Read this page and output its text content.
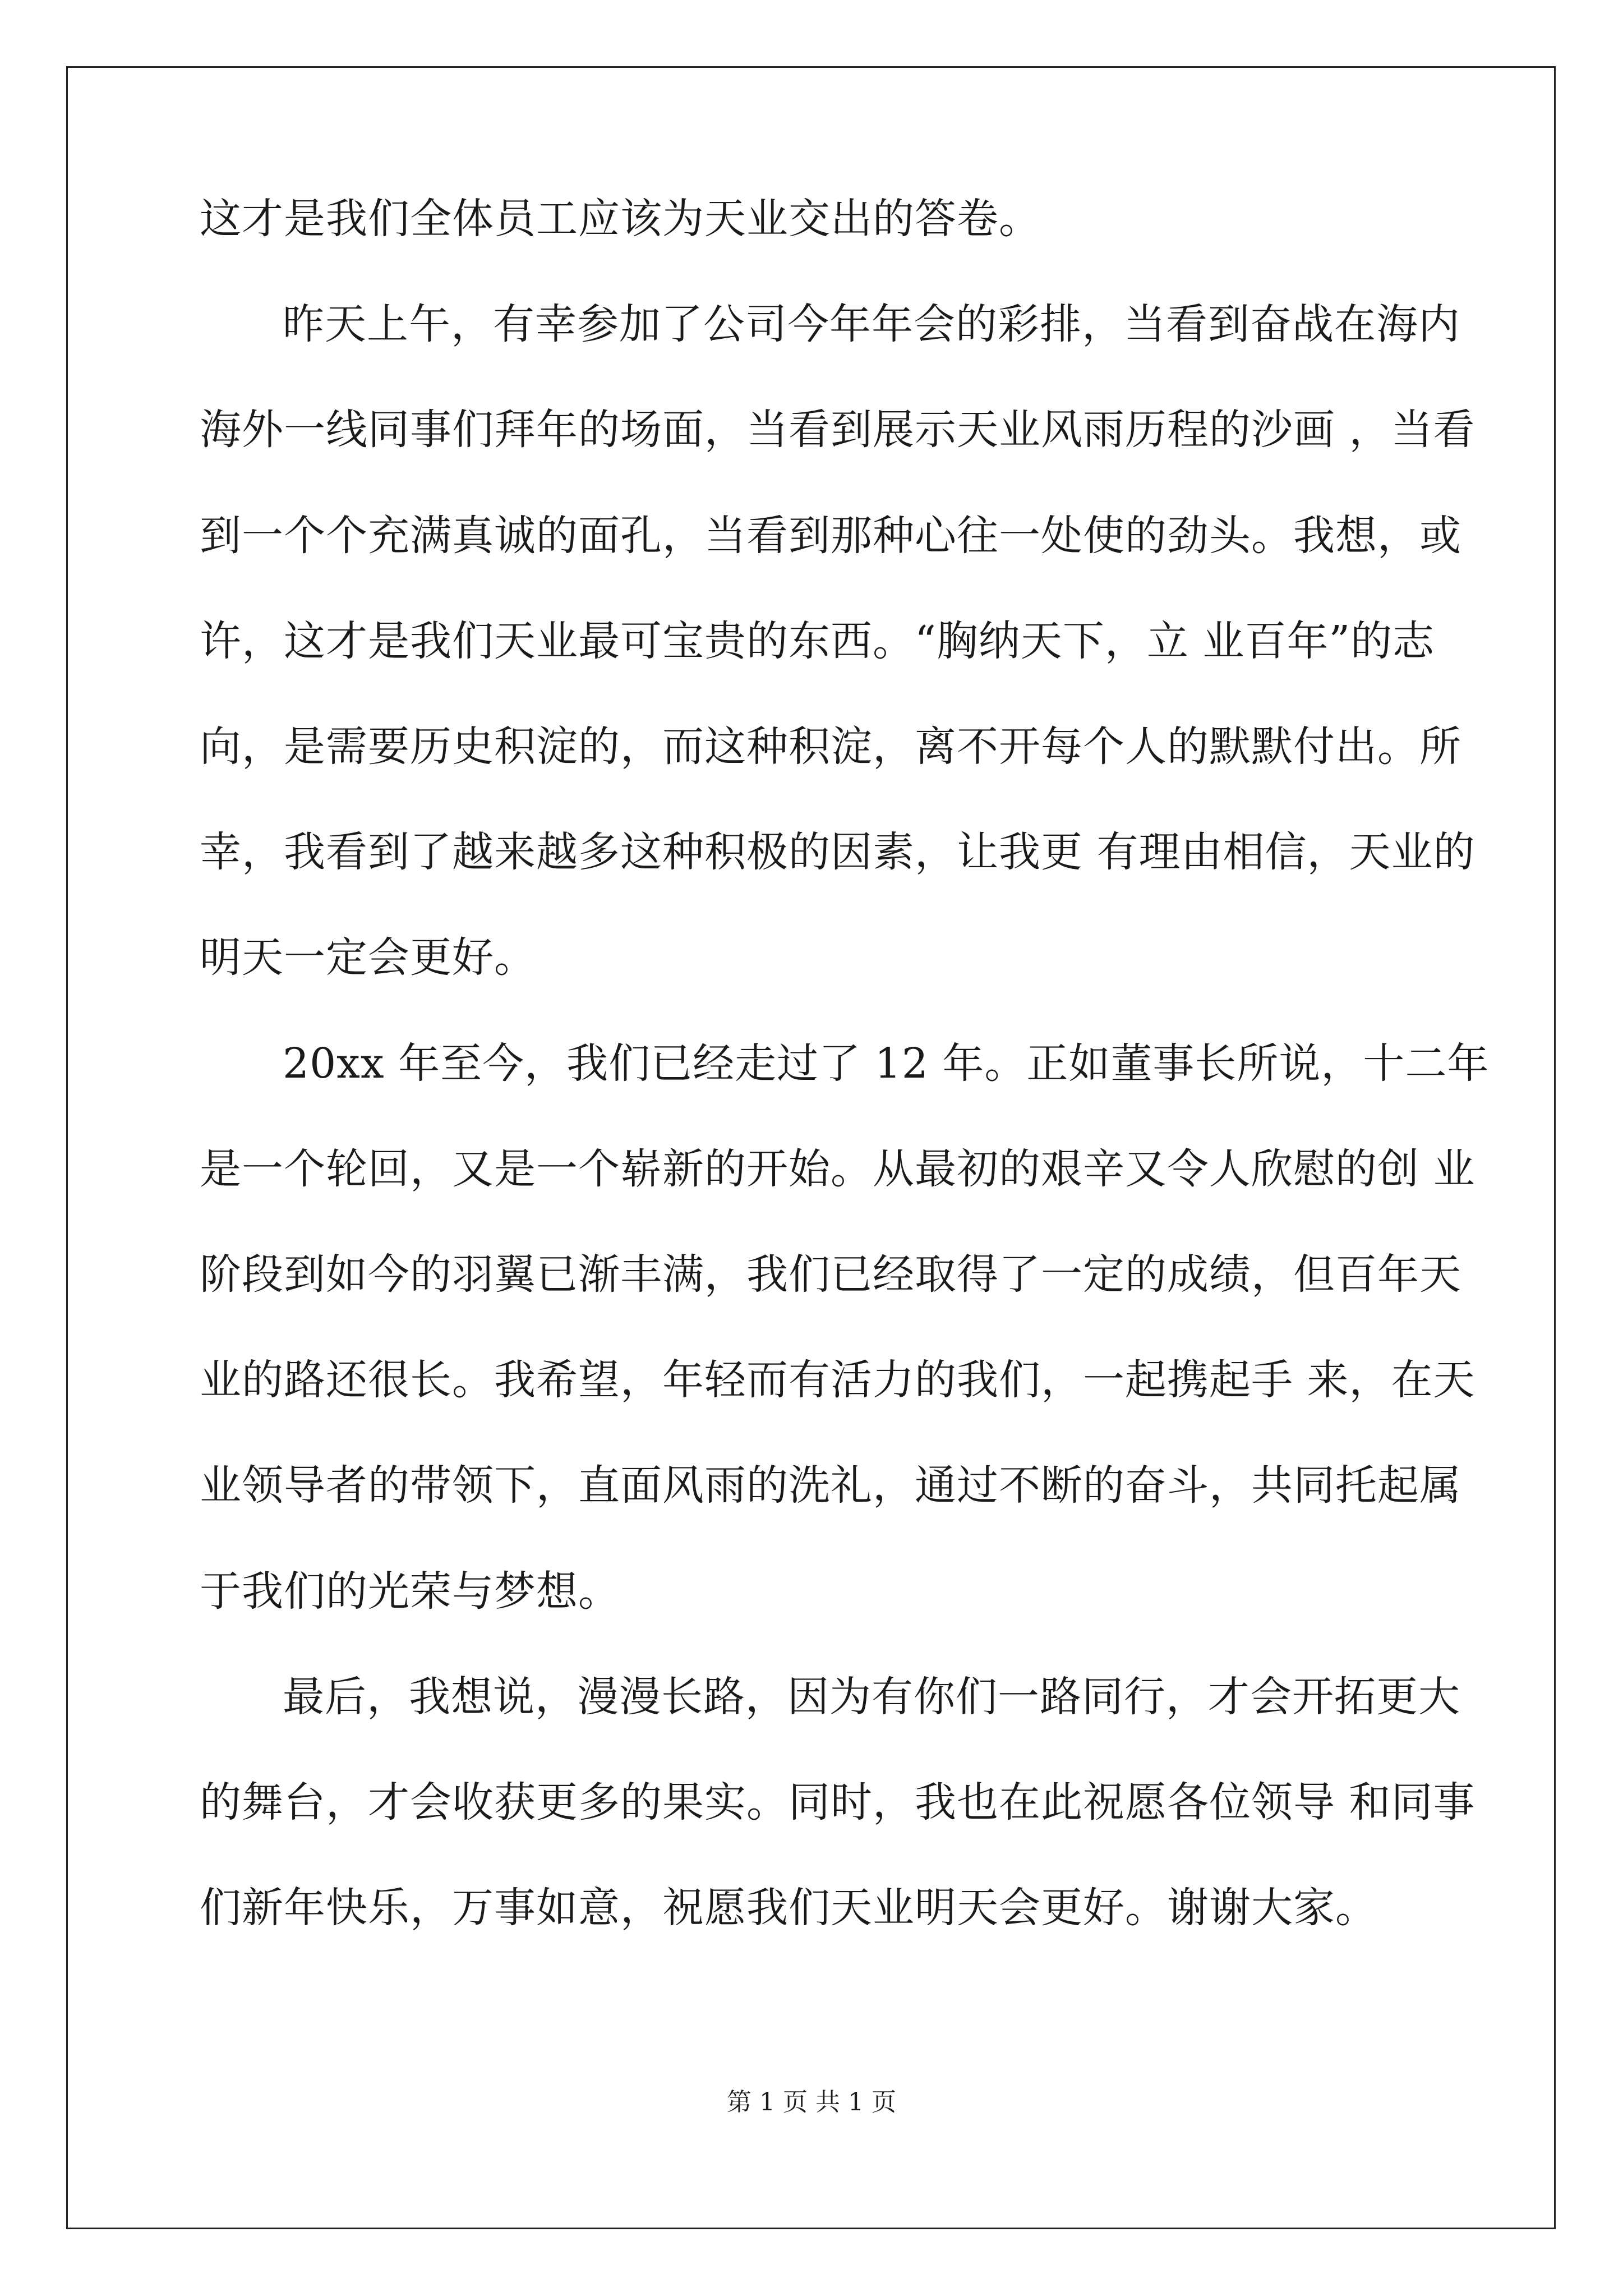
这才是我们全体员工应该为天业交出的答卷。
昨天上午，有幸参加了公司今年年会的彩排，当看到奋战在海内
海外一线同事们拜年的场面，当看到展示天业风雨历程的沙画 ，当看
到一个个充满真诚的面孔，当看到那种心往一处使的劲头。我想，或
许，这才是我们天业最可宝贵的东西。“胸纳天下，立 业百年”的志
向，是需要历史积淀的，而这种积淀，离不开每个人的默默付出。所
幸，我看到了越来越多这种积极的因素，让我更 有理由相信，天业的
明天一定会更好。
20xx 年至今，我们已经走过了 12 年。正如董事长所说，十二年
是一个轮回，又是一个崭新的开始。从最初的艰辛又令人欣慰的创 业
阶段到如今的羽翼已渐丰满，我们已经取得了一定的成绩，但百年天
业的路还很长。我希望，年轻而有活力的我们，一起携起手 来，在天
业领导者的带领下，直面风雨的洗礼，通过不断的奋斗，共同托起属
于我们的光荣与梦想。
最后，我想说，漫漫长路，因为有你们一路同行，才会开拓更大
的舞台，才会收获更多的果实。同时，我也在此祝愿各位领导 和同事
们新年快乐，万事如意，祝愿我们天业明天会更好。谢谢大家。
第 1 页 共 1 页
